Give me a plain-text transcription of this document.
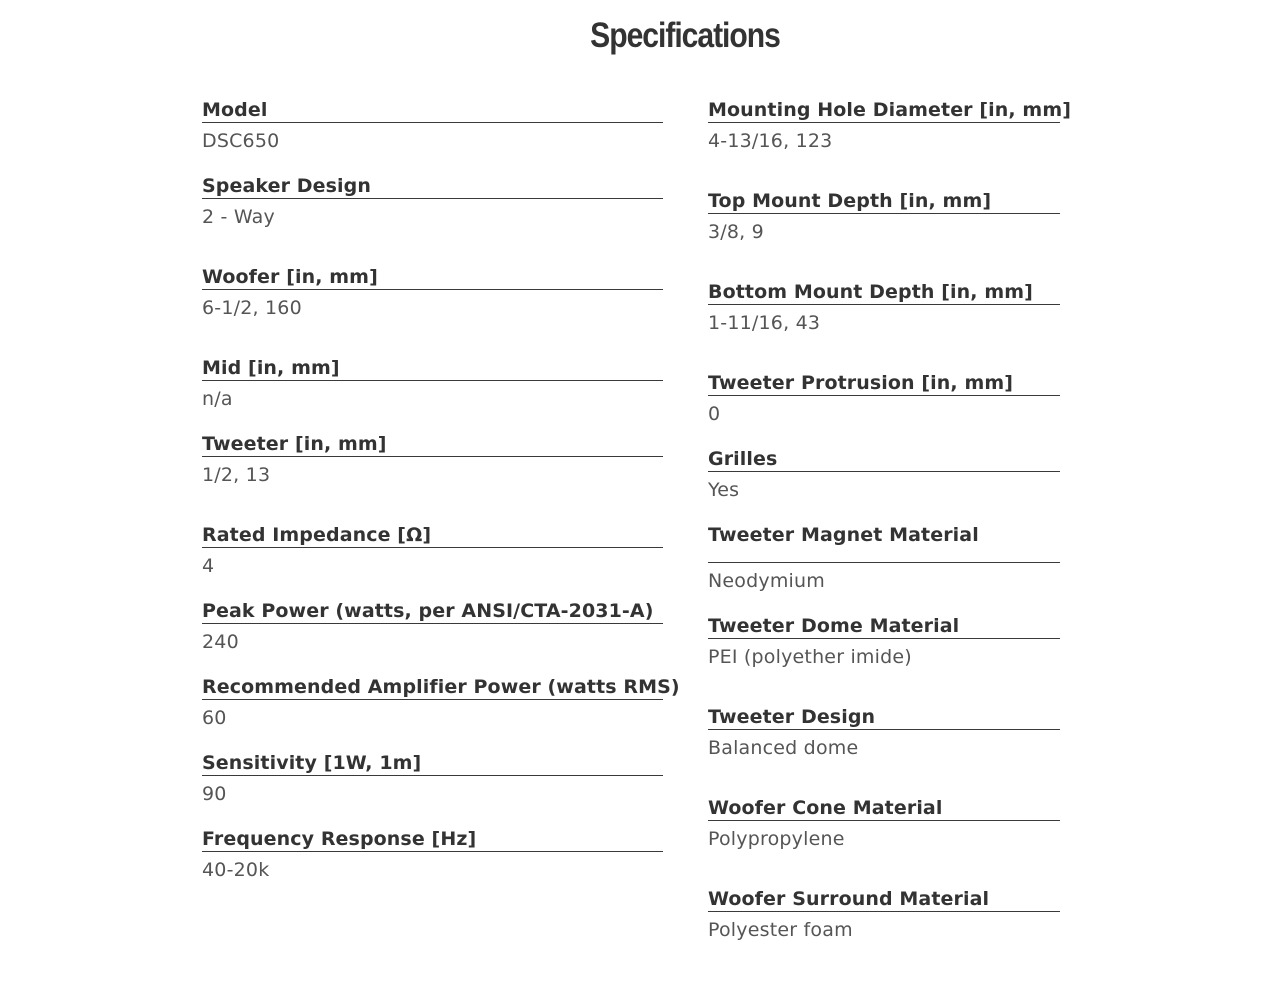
Specifications
Model
DSC650
Speaker Design
2 - Way
Woofer [in, mm]
6-1/2, 160
Mid [in, mm]
n/a
Tweeter [in, mm]
1/2, 13
Rated Impedance [Ω]
4
Peak Power (watts, per ANSI/CTA-2031-A)
240
Recommended Amplifier Power (watts RMS)
60
Sensitivity [1W, 1m]
90
Frequency Response [Hz]
40-20k
Mounting Hole Diameter [in, mm]
4-13/16, 123
Top Mount Depth [in, mm]
3/8, 9
Bottom Mount Depth [in, mm]
1-11/16, 43
Tweeter Protrusion [in, mm]
0
Grilles
Yes
Tweeter Magnet Material
Neodymium
Tweeter Dome Material
PEI (polyether imide)
Tweeter Design
Balanced dome
Woofer Cone Material
Polypropylene
Woofer Surround Material
Polyester foam
